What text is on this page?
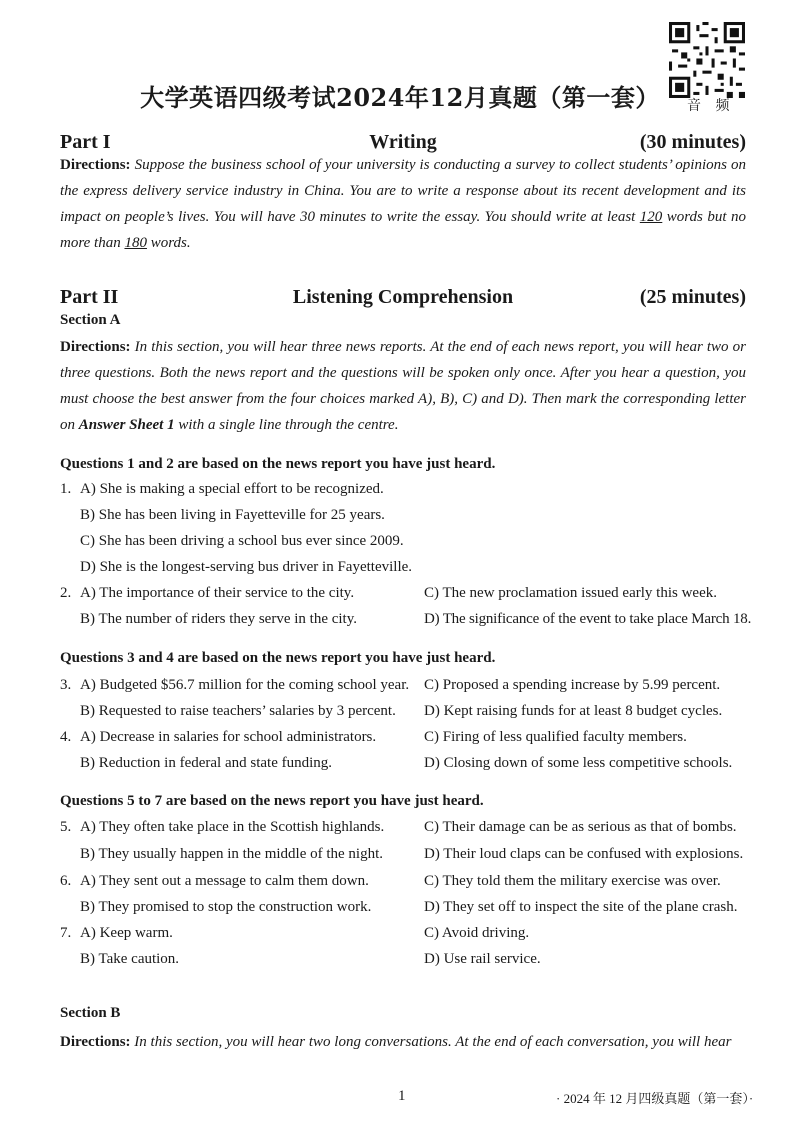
音 频
大学英语四级考试2024年12月真题（第一套）
Part I	Writing	(30 minutes)
Directions: Suppose the business school of your university is conducting a survey to collect students’ opinions on the express delivery service industry in China. You are to write a response about its recent development and its impact on people’s lives. You will have 30 minutes to write the essay. You should write at least 120 words but no more than 180 words.
Part II	Listening Comprehension	(25 minutes)
Section A
Directions: In this section, you will hear three news reports. At the end of each news report, you will hear two or three questions. Both the news report and the questions will be spoken only once. After you hear a question, you must choose the best answer from the four choices marked A), B), C) and D). Then mark the corresponding letter on Answer Sheet 1 with a single line through the centre.
Questions 1 and 2 are based on the news report you have just heard.
1. A) She is making a special effort to be recognized.
B) She has been living in Fayetteville for 25 years.
C) She has been driving a school bus ever since 2009.
D) She is the longest-serving bus driver in Fayetteville.
2. A) The importance of their service to the city.
B) The number of riders they serve in the city.
C) The new proclamation issued early this week.
D) The significance of the event to take place March 18.
Questions 3 and 4 are based on the news report you have just heard.
3. A) Budgeted $56.7 million for the coming school year.
B) Requested to raise teachers’ salaries by 3 percent.
C) Proposed a spending increase by 5.99 percent.
D) Kept raising funds for at least 8 budget cycles.
4. A) Decrease in salaries for school administrators.
B) Reduction in federal and state funding.
C) Firing of less qualified faculty members.
D) Closing down of some less competitive schools.
Questions 5 to 7 are based on the news report you have just heard.
5. A) They often take place in the Scottish highlands.
B) They usually happen in the middle of the night.
C) Their damage can be as serious as that of bombs.
D) Their loud claps can be confused with explosions.
6. A) They sent out a message to calm them down.
B) They promised to stop the construction work.
C) They told them the military exercise was over.
D) They set off to inspect the site of the plane crash.
7. A) Keep warm.
B) Take caution.
C) Avoid driving.
D) Use rail service.
Section B
Directions: In this section, you will hear two long conversations. At the end of each conversation, you will hear
1	· 2024 年 12 月四级真题（第一套）·
